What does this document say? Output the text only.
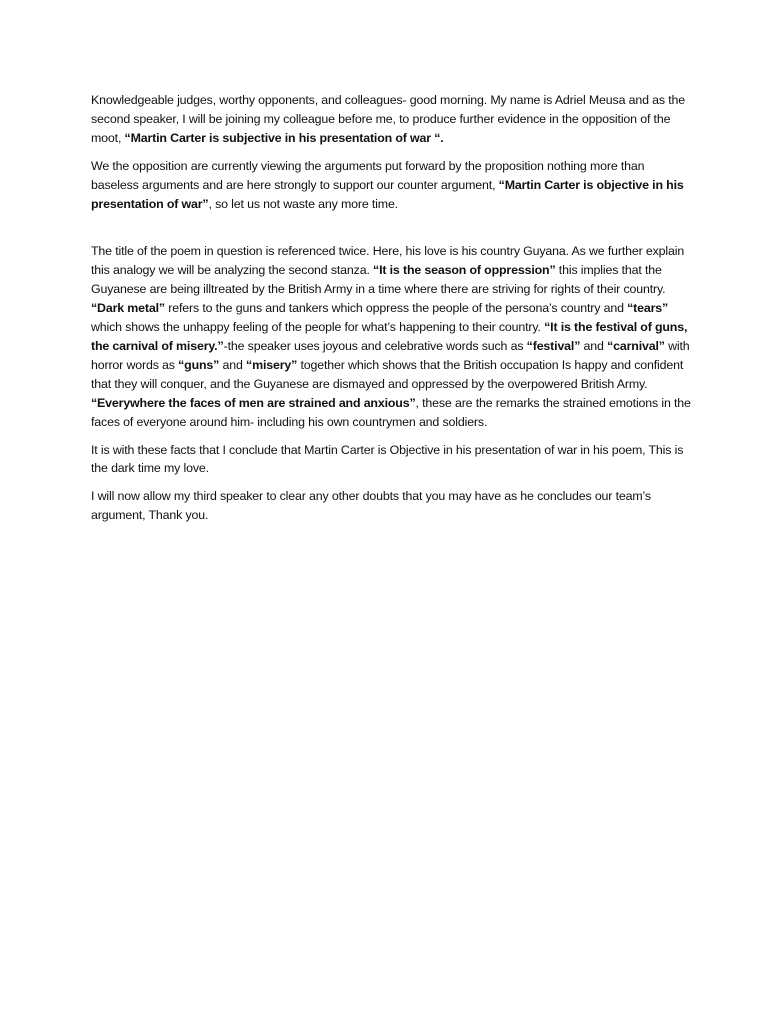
Knowledgeable judges, worthy opponents, and colleagues- good morning. My name is Adriel Meusa and as the second speaker, I will be joining my colleague before me, to produce further evidence in the opposition of the moot, “Martin Carter is subjective in his presentation of war “.

We the opposition are currently viewing the arguments put forward by the proposition nothing more than baseless arguments and are here strongly to support our counter argument, “Martin Carter is objective in his presentation of war”, so let us not waste any more time.

The title of the poem in question is referenced twice. Here, his love is his country Guyana. As we further explain this analogy we will be analyzing the second stanza. “It is the season of oppression” this implies that the Guyanese are being illtreated by the British Army in a time where there are striving for rights of their country. “Dark metal” refers to the guns and tankers which oppress the people of the persona’s country and “tears” which shows the unhappy feeling of the people for what’s happening to their country. “It is the festival of guns, the carnival of misery.’’-the speaker uses joyous and celebrative words such as “festival” and “carnival” with horror words as “guns” and “misery” together which shows that the British occupation Is happy and confident that they will conquer, and the Guyanese are dismayed and oppressed by the overpowered British Army. “Everywhere the faces of men are strained and anxious”, these are the remarks the strained emotions in the faces of everyone around him- including his own countrymen and soldiers.

It is with these facts that I conclude that Martin Carter is Objective in his presentation of war in his poem, This is the dark time my love.

I will now allow my third speaker to clear any other doubts that you may have as he concludes our team’s argument, Thank you.
